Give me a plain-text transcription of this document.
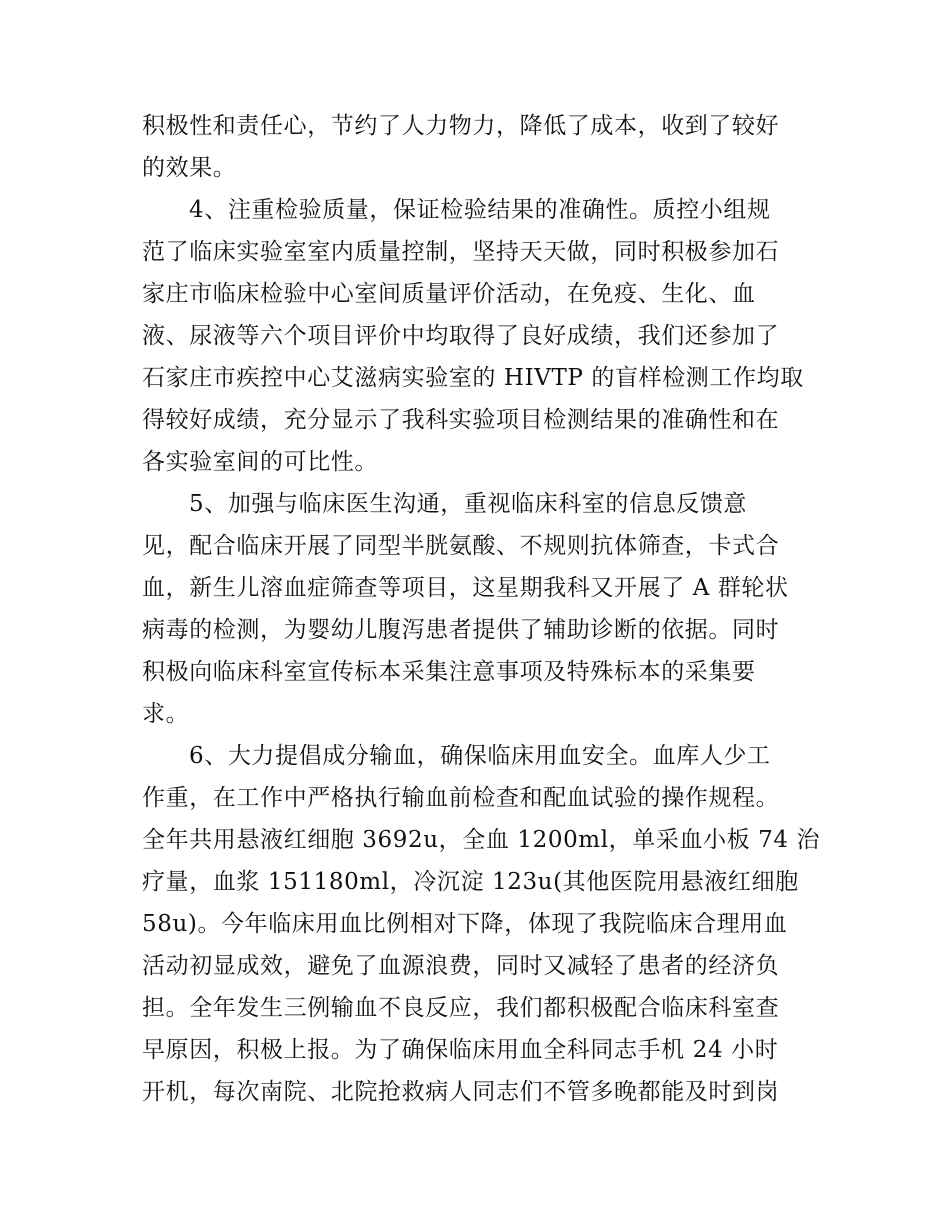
积极性和责任心，节约了人力物力，降低了成本，收到了较好
的效果。
4、注重检验质量，保证检验结果的准确性。质控小组规
范了临床实验室室内质量控制，坚持天天做，同时积极参加石
家庄市临床检验中心室间质量评价活动，在免疫、生化、血
液、尿液等六个项目评价中均取得了良好成绩，我们还参加了
石家庄市疾控中心艾滋病实验室的 HIVTP 的盲样检测工作均取
得较好成绩，充分显示了我科实验项目检测结果的准确性和在
各实验室间的可比性。
5、加强与临床医生沟通，重视临床科室的信息反馈意
见，配合临床开展了同型半胱氨酸、不规则抗体筛查，卡式合
血，新生儿溶血症筛查等项目，这星期我科又开展了 A 群轮状
病毒的检测，为婴幼儿腹泻患者提供了辅助诊断的依据。同时
积极向临床科室宣传标本采集注意事项及特殊标本的采集要
求。
6、大力提倡成分输血，确保临床用血安全。血库人少工
作重，在工作中严格执行输血前检查和配血试验的操作规程。
全年共用悬液红细胞 3692u，全血 1200ml，单采血小板 74 治
疗量，血浆 151180ml，冷沉淀 123u(其他医院用悬液红细胞
58u)。今年临床用血比例相对下降，体现了我院临床合理用血
活动初显成效，避免了血源浪费，同时又减轻了患者的经济负
担。全年发生三例输血不良反应，我们都积极配合临床科室查
早原因，积极上报。为了确保临床用血全科同志手机 24 小时
开机，每次南院、北院抢救病人同志们不管多晚都能及时到岗
